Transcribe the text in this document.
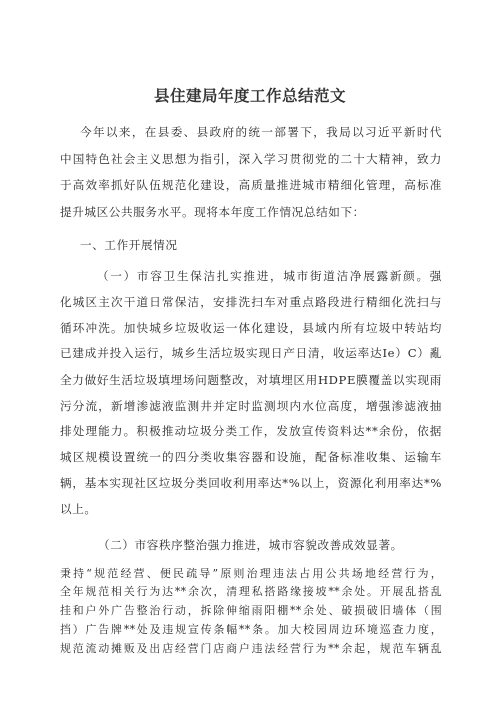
县住建局年度工作总结范文
今年以来，在县委、县政府的统一部署下，我局以习近平新时代
中国特色社会主义思想为指引，深入学习贯彻党的二十大精神，致力
于高效率抓好队伍规范化建设，高质量推进城市精细化管理，高标准
提升城区公共服务水平。现将本年度工作情况总结如下：
一、工作开展情况
（一）市容卫生保洁扎实推进，城市街道洁净展露新颜。强
化城区主次干道日常保洁，安排洗扫车对重点路段进行精细化洗扫与
循环冲洗。加快城乡垃圾收运一体化建设，县域内所有垃圾中转站均
已建成并投入运行，城乡生活垃圾实现日产日清，收运率达Ie）C）亂
全力做好生活垃圾填埋场问题整改，对填埋区用HDPE膜覆盖以实现雨
污分流，新增渗滤液监测井并定时监测坝内水位高度，增强渗滤液抽
排处理能力。积极推动垃圾分类工作，发放宣传资料达**余份，依据
城区规模设置统一的四分类收集容器和设施，配备标准收集、运输车
辆，基本实现社区垃圾分类回收利用率达*%以上，资源化利用率达*%
以上。
（二）市容秩序整治强力推进，城市容貌改善成效显著。
秉持“规范经营、便民疏导”原则治理违法占用公共场地经营行为，
全年规范相关行为达**余次，清理私搭路缘接坡**余处。开展乱搭乱
挂和户外广告整治行动，拆除伸缩雨阳棚**余处、破损破旧墙体（围
挡）广告牌**处及违规宣传条幅**条。加大校园周边环境巡查力度，
规范流动摊贩及出店经营门店商户违法经营行为**余起，规范车辆乱
